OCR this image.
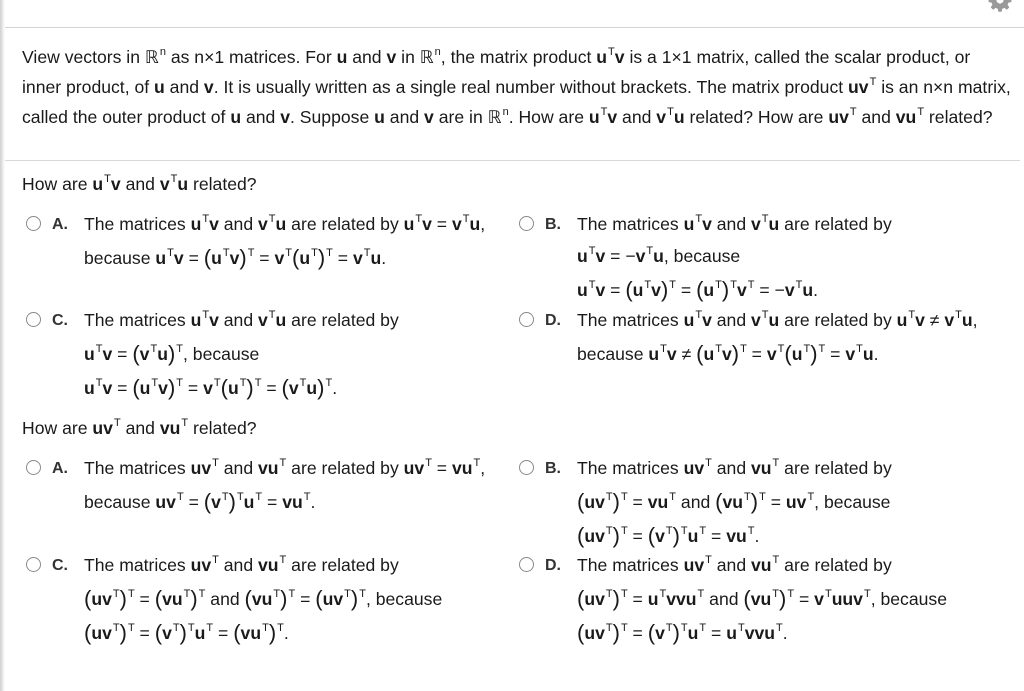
View vectors in ℝ$^n$ as n×1 matrices. For u and v in ℝ$^n$, the matrix product $u^Tv$ is a 1×1 matrix, called the scalar product, or inner product, of u and v. It is usually written as a single real number without brackets. The matrix product $uv^T$ is an n×n matrix, called the outer product of u and v. Suppose u and v are in ℝ$^n$. How are $u^Tv$ and $v^Tu$ related? How are $uv^T$ and $vu^T$ related?
How are $u^Tv$ and $v^Tu$ related?
A. The matrices $u^Tv$ and $v^Tu$ are related by $u^Tv = v^Tu$,
because $u^Tv = (u^Tv)^T = v^T(u^T)^T = v^Tu$.
B. The matrices $u^Tv$ and $v^Tu$ are related by
$u^Tv = -v^Tu$, because
$u^Tv = (u^Tv)^T = (u^T)^Tv^T = -v^Tu$.
C. The matrices $u^Tv$ and $v^Tu$ are related by
$u^Tv = (v^Tu)^T$, because
$u^Tv = (u^Tv)^T = v^T(u^T)^T = (v^Tu)^T$.
D. The matrices $u^Tv$ and $v^Tu$ are related by $u^Tv \ne v^Tu$,
because $u^Tv \ne (u^Tv)^T = v^T(u^T)^T = v^Tu$.
How are $uv^T$ and $vu^T$ related?
A. The matrices $uv^T$ and $vu^T$ are related by $uv^T = vu^T$,
because $uv^T = (v^T)^Tu^T = vu^T$.
B. The matrices $uv^T$ and $vu^T$ are related by
$(uv^T)^T = vu^T$ and $(vu^T)^T = uv^T$, because
$(uv^T)^T = (v^T)^Tu^T = vu^T$.
C. The matrices $uv^T$ and $vu^T$ are related by
$(uv^T)^T = (vu^T)^T$ and $(vu^T)^T = (uv^T)^T$, because
$(uv^T)^T = (v^T)^Tu^T = (vu^T)^T$.
D. The matrices $uv^T$ and $vu^T$ are related by
$(uv^T)^T = u^Tvvu^T$ and $(vu^T)^T = v^Tuuv^T$, because
$(uv^T)^T = (v^T)^Tu^T = u^Tvvu^T$.
